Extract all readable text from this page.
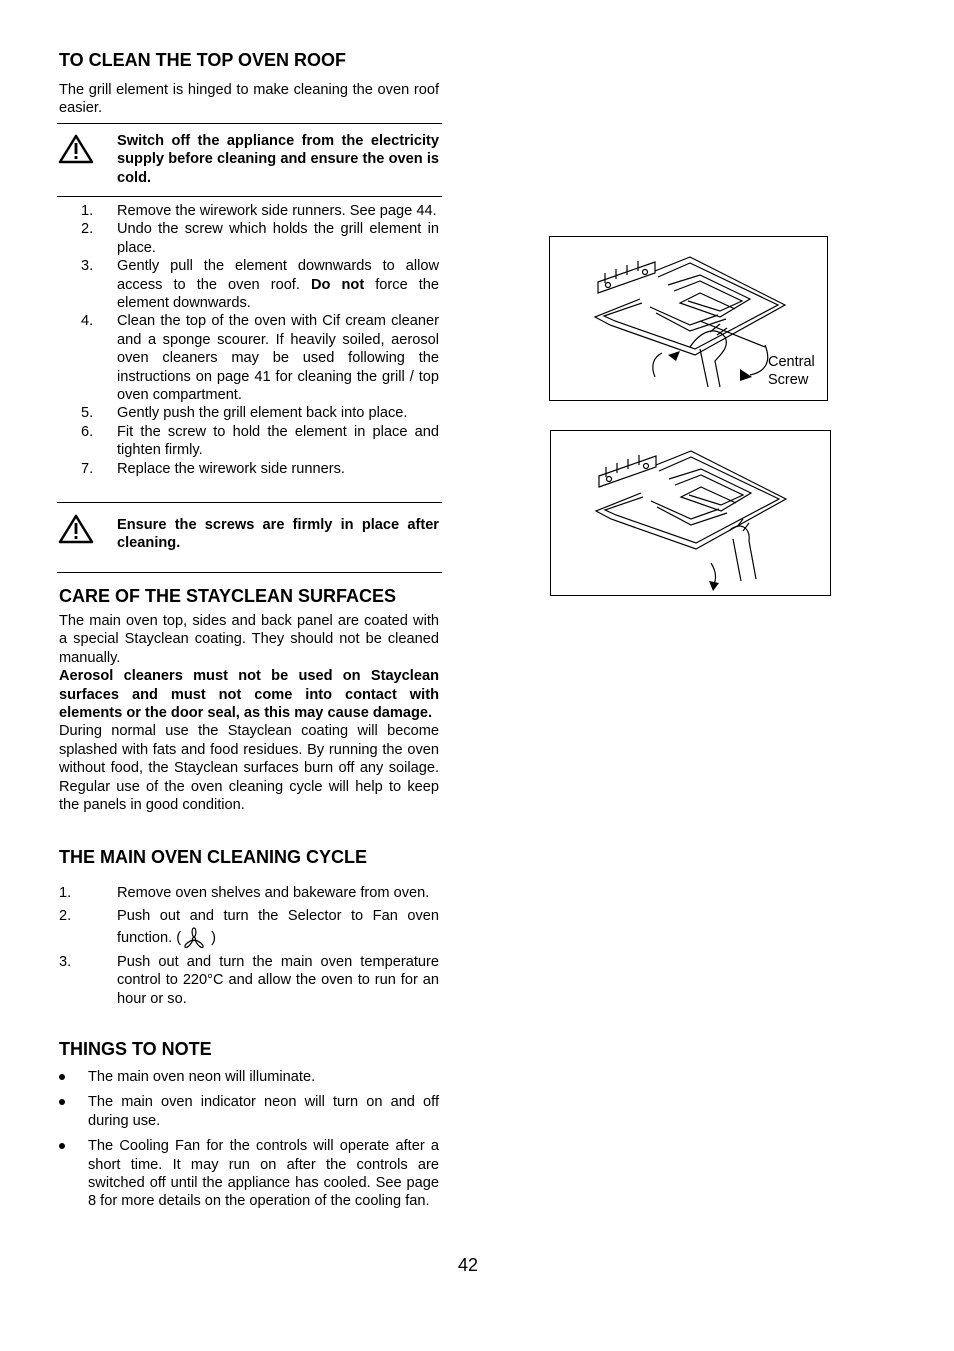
TO CLEAN THE TOP OVEN ROOF

The grill element is hinged to make cleaning the oven roof easier.

Switch off the appliance from the electricity supply before cleaning and ensure the oven is cold.
1. Remove the wirework side runners. See page 44.
2. Undo the screw which holds the grill element in place.
3. Gently pull the element downwards to allow access to the oven roof. Do not force the element downwards.
4. Clean the top of the oven with Cif cream cleaner and a sponge scourer. If heavily soiled, aerosol oven cleaners may be used following the instructions on page 41 for cleaning the grill / top oven compartment.
5. Gently push the grill element back into place.
6. Fit the screw to hold the element in place and tighten firmly.
7. Replace the wirework side runners.
Ensure the screws are firmly in place after cleaning.
CARE OF THE STAYCLEAN SURFACES

The main oven top, sides and back panel are coated with a special Stayclean coating. They should not be cleaned manually.

Aerosol cleaners must not be used on Stayclean surfaces and must not come into contact with elements or the door seal, as this may cause damage.

During normal use the Stayclean coating will become splashed with fats and food residues. By running the oven without food, the Stayclean surfaces burn off any soilage. Regular use of the oven cleaning cycle will help to keep the panels in good condition.

THE MAIN OVEN CLEANING CYCLE
1.	Remove oven shelves and bakeware from oven.
2.	Push out and turn the Selector to Fan oven function. ( )
3.	Push out and turn the main oven temperature control to 220°C and allow the oven to run for an hour or so.
THINGS TO NOTE
The main oven neon will illuminate.
The main oven indicator neon will turn on and off during use.
The Cooling Fan for the controls will operate after a short time. It may run on after the controls are switched off until the appliance has cooled. See page 8 for more details on the operation of the cooling fan.
Central
Screw
42
